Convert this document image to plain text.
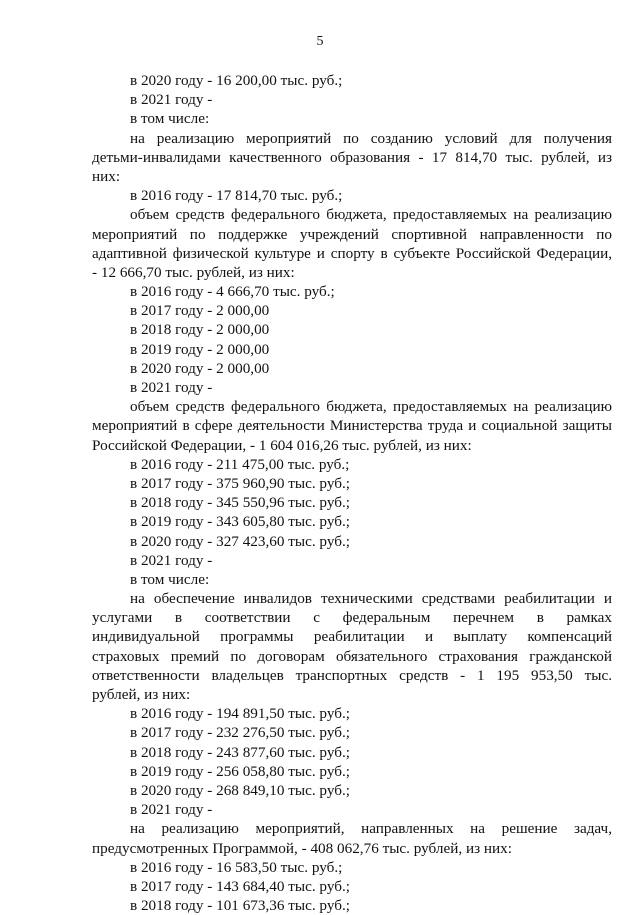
5
в 2020 году - 16 200,00 тыс. руб.;
в 2021 году -
в том числе:
на реализацию мероприятий по созданию условий для получения
детьми-инвалидами качественного образования - 17 814,70 тыс. рублей, из
них:
в 2016 году - 17 814,70 тыс. руб.;
объем средств федерального бюджета, предоставляемых на реализацию
мероприятий по поддержке учреждений спортивной направленности по
адаптивной физической культуре и спорту в субъекте Российской Федерации,
- 12 666,70 тыс. рублей, из них:
в 2016 году - 4 666,70 тыс. руб.;
в 2017 году - 2 000,00
в 2018 году - 2 000,00
в 2019 году - 2 000,00
в 2020 году - 2 000,00
в 2021 году -
объем средств федерального бюджета, предоставляемых на реализацию
мероприятий в сфере деятельности Министерства труда и социальной защиты
Российской Федерации, - 1 604 016,26 тыс. рублей, из них:
в 2016 году - 211 475,00 тыс. руб.;
в 2017 году - 375 960,90 тыс. руб.;
в 2018 году - 345 550,96 тыс. руб.;
в 2019 году - 343 605,80 тыс. руб.;
в 2020 году - 327 423,60 тыс. руб.;
в 2021 году -
в том числе:
на обеспечение инвалидов техническими средствами реабилитации и
услугами в соответствии с федеральным перечнем в рамках
индивидуальной программы реабилитации и выплату компенсаций
страховых премий по договорам обязательного страхования гражданской
ответственности владельцев транспортных средств - 1 195 953,50 тыс.
рублей, из них:
в 2016 году - 194 891,50 тыс. руб.;
в 2017 году - 232 276,50 тыс. руб.;
в 2018 году - 243 877,60 тыс. руб.;
в 2019 году - 256 058,80 тыс. руб.;
в 2020 году - 268 849,10 тыс. руб.;
в 2021 году -
на реализацию мероприятий, направленных на решение задач,
предусмотренных Программой, - 408 062,76 тыс. рублей, из них:
в 2016 году - 16 583,50 тыс. руб.;
в 2017 году - 143 684,40 тыс. руб.;
в 2018 году - 101 673,36 тыс. руб.;
